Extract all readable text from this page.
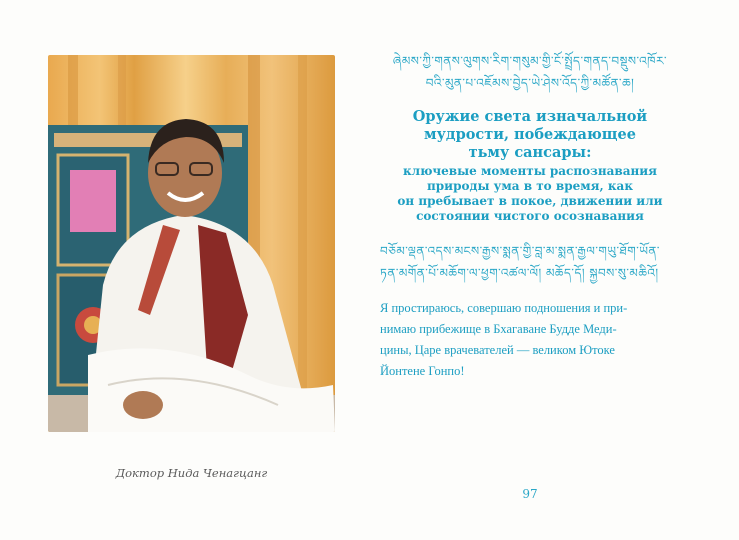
Доктор Нида Ченагцанг
ཞེམས་ཀྱི་གནས་ལུགས་རིག་གསུམ་གྱི་ངོ་སྤྲོད་གནད་བསྡུས་འཁོར་
བའི་མུན་པ་འཇོམས་བྱེད་ཡེ་ཤེས་འོད་ཀྱི་མཚོན་ཆ།
Оружие света изначальной
мудрости, побеждающее
тьму сансары:
ключевые моменты распознавания
природы ума в то время, как
он пребывает в покое, движении или
состоянии чистого осознавания
བཅོམ་ལྡན་འདས་མངས་རྒྱས་སྨན་གྱི་བླ་མ་སྨན་རྒྱལ་གཡུ་ཐོག་ཡོན་
ཏན་མགོན་པོ་མཆོག་ལ་ཕྱག་འཚལ་ལོ། མཆོད་དོ། སྐྱབས་སུ་མཆིའོ།
Я простираюсь, совершаю подношения и при-
нимаю прибежище в Бхагаване Будде Меди-
цины, Царе врачевателей — великом Ютоке
Йонтене Гонпо!
97
